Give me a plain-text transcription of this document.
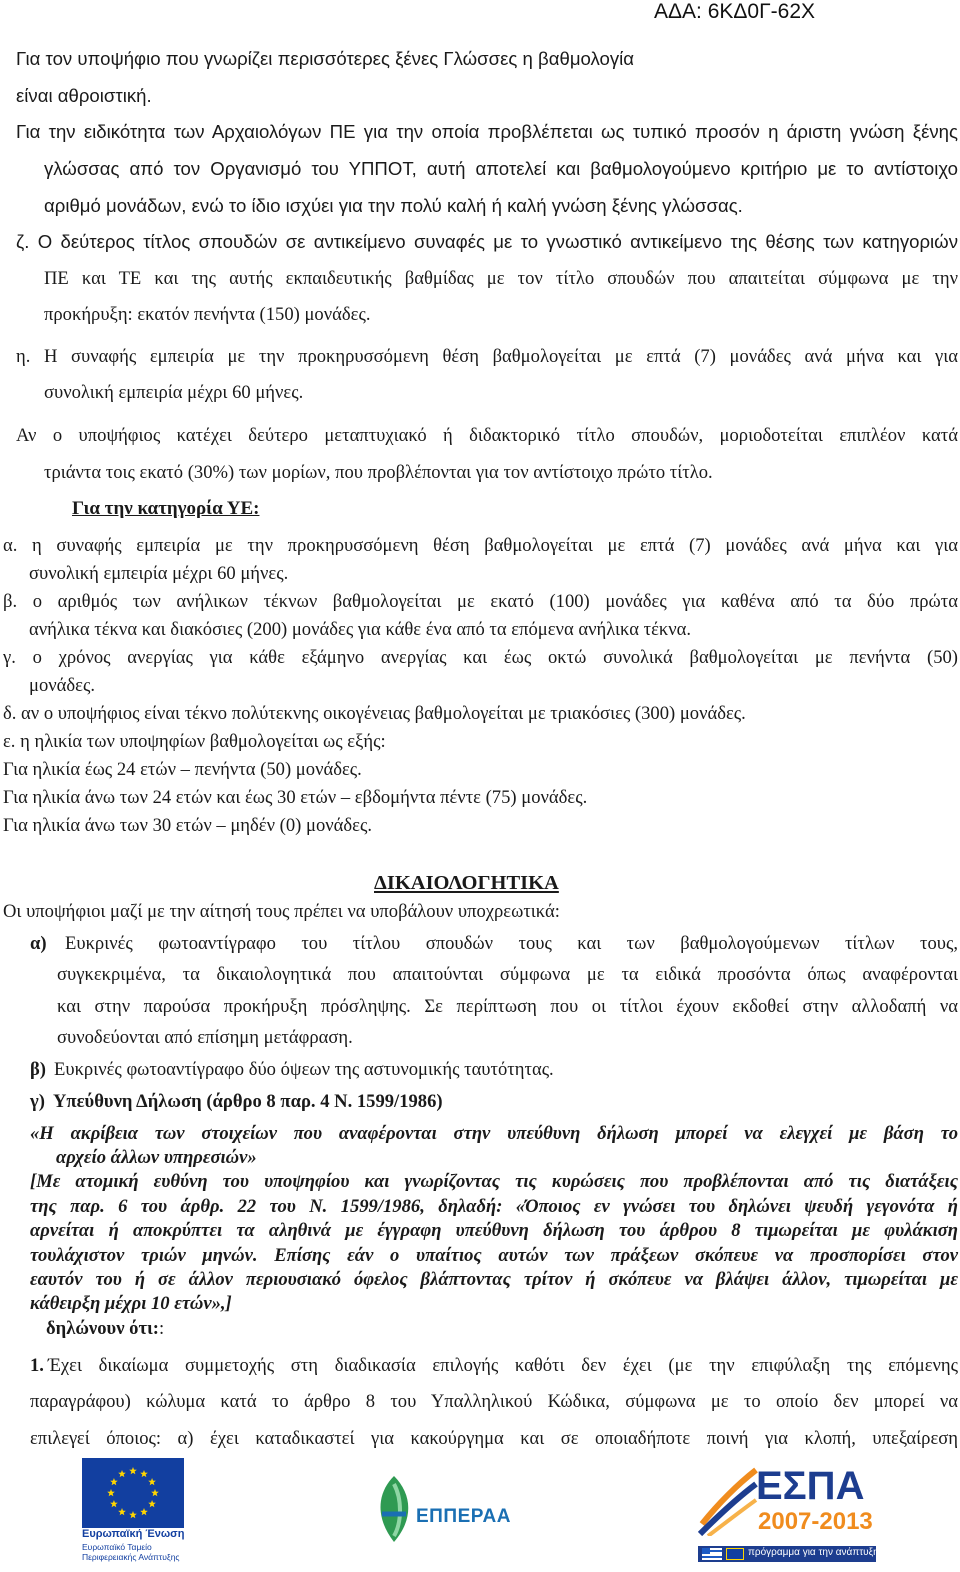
ΑΔΑ: 6ΚΔ0Γ-62Χ
Για τον υποψήφιο που γνωρίζει περισσότερες ξένες Γλώσσες η βαθμολογία
είναι αθροιστική.
Για την ειδικότητα των Αρχαιολόγων ΠΕ για την οποία προβλέπεται ως τυπικό προσόν η άριστη γνώση ξένης
γλώσσας από τον Οργανισμό του ΥΠΠΟΤ, αυτή αποτελεί και βαθμολογούμενο κριτήριο με το αντίστοιχο
αριθμό μονάδων, ενώ το ίδιο ισχύει για την πολύ καλή ή καλή γνώση ξένης γλώσσας.
ζ. Ο δεύτερος τίτλος σπουδών σε αντικείμενο συναφές με το γνωστικό αντικείμενο της θέσης των κατηγοριών
ΠΕ και ΤΕ και της αυτής εκπαιδευτικής βαθμίδας με τον τίτλο σπουδών που απαιτείται σύμφωνα με την
προκήρυξη: εκατόν πενήντα (150) μονάδες.
η. Η συναφής εμπειρία με την προκηρυσσόμενη θέση βαθμολογείται με επτά (7) μονάδες ανά μήνα και για
συνολική εμπειρία μέχρι 60 μήνες.
Αν ο υποψήφιος κατέχει δεύτερο μεταπτυχιακό ή διδακτορικό τίτλο σπουδών, μοριοδοτείται επιπλέον κατά
τριάντα τοις εκατό (30%) των μορίων, που προβλέπονται για τον αντίστοιχο πρώτο τίτλο.
Για την κατηγορία ΥΕ:
α. η συναφής εμπειρία με την προκηρυσσόμενη θέση βαθμολογείται με επτά (7) μονάδες ανά μήνα και για
συνολική εμπειρία μέχρι 60 μήνες.
β. ο αριθμός των ανήλικων τέκνων βαθμολογείται με εκατό (100) μονάδες για καθένα από τα δύο πρώτα
ανήλικα τέκνα και διακόσιες (200) μονάδες για κάθε ένα από τα επόμενα ανήλικα τέκνα.
γ. ο χρόνος ανεργίας για κάθε εξάμηνο ανεργίας και έως οκτώ συνολικά βαθμολογείται με πενήντα (50)
μονάδες.
δ. αν ο υποψήφιος είναι τέκνο πολύτεκνης οικογένειας βαθμολογείται με τριακόσιες (300) μονάδες.
ε. η ηλικία των υποψηφίων βαθμολογείται ως εξής:
Για ηλικία έως 24 ετών – πενήντα (50) μονάδες.
Για ηλικία άνω των 24 ετών και έως 30 ετών – εβδομήντα πέντε (75) μονάδες.
Για ηλικία άνω των 30 ετών – μηδέν (0) μονάδες.
ΔΙΚΑΙΟΛΟΓΗΤΙΚΑ
Οι υποψήφιοι μαζί με την αίτησή τους πρέπει να υποβάλουν υποχρεωτικά:
α) Ευκρινές φωτοαντίγραφο του τίτλου σπουδών τους και των βαθμολογούμενων τίτλων τους,
συγκεκριμένα, τα δικαιολογητικά που απαιτούνται σύμφωνα με τα ειδικά προσόντα όπως αναφέρονται
και στην παρούσα προκήρυξη πρόσληψης. Σε περίπτωση που οι τίτλοι έχουν εκδοθεί στην αλλοδαπή να
συνοδεύονται από επίσημη μετάφραση.
β) Ευκρινές φωτοαντίγραφο δύο όψεων της αστυνομικής ταυτότητας.
γ) Υπεύθυνη Δήλωση (άρθρο 8 παρ. 4 Ν. 1599/1986)
«Η ακρίβεια των στοιχείων που αναφέρονται στην υπεύθυνη δήλωση μπορεί να ελεγχεί με βάση το
αρχείο άλλων υπηρεσιών»
[Με ατομική ευθύνη του υποψηφίου και γνωρίζοντας τις κυρώσεις που προβλέπονται από τις διατάξεις
της παρ. 6 του άρθρ. 22 του Ν. 1599/1986, δηλαδή: «Όποιος εν γνώσει του δηλώνει ψευδή γεγονότα ή
αρνείται ή αποκρύπτει τα αληθινά με έγγραφη υπεύθυνη δήλωση του άρθρου 8 τιμωρείται με φυλάκιση
τουλάχιστον τριών μηνών. Επίσης εάν ο υπαίτιος αυτών των πράξεων σκόπευε να προσπορίσει στον
εαυτόν του ή σε άλλον περιουσιακό όφελος βλάπτοντας τρίτον ή σκόπευε να βλάψει άλλον, τιμωρείται με
κάθειρξη μέχρι 10 ετών»,]
δηλώνουν ότι::
1. Έχει δικαίωμα συμμετοχής στη διαδικασία επιλογής καθότι δεν έχει (με την επιφύλαξη της επόμενης
παραγράφου) κώλυμα κατά το άρθρο 8 του Υπαλληλικού Κώδικα, σύμφωνα με το οποίο δεν μπορεί να
επιλεγεί όποιος: α) έχει καταδικαστεί για κακούργημα και σε οποιαδήποτε ποινή για κλοπή, υπεξαίρεση
Ευρωπαϊκή Ένωση
Ευρωπαϊκό Ταμείο
Περιφερειακής Ανάπτυξης
ΕΠΠΕΡΑΑ
ΕΣΠΑ
2007-2013
πρόγραμμα για την ανάπτυξη
